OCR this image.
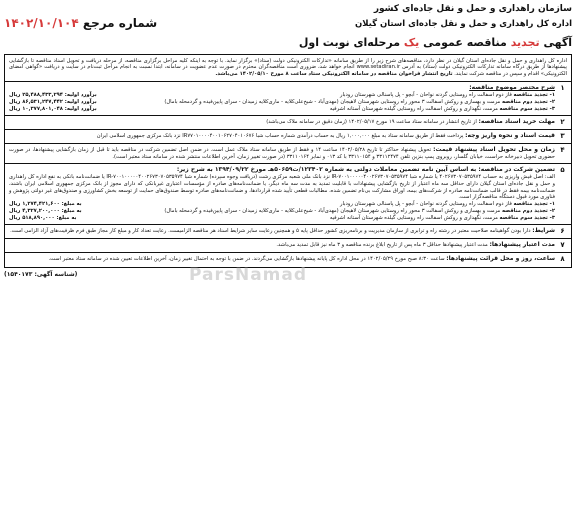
سازمان راهداری و حمل و نقل جاده‌ای کشور
اداره کل راهداری و حمل و نقل جاده‌ای استان گیلان
شماره مرجع ۱۴۰۲/۱۰/۱۰۴
آگهی

تجدید

مناقصه عمومی

یک

مرحله‌ای نوبت اول
اداره کل راهداری و حمل و نقل جاده‌ای استان گیلان در نظر دارد، مناقصه‌های شرح زیر را از طریق سامانه «تدارکات الکترونیکی دولت (ستاد)» برگزار نماید. با توجه به اینکه کلیه مراحل برگزاری مناقصه، از مرحله دریافت و تحویل اسناد مناقصه تا بازگشایی پیشنهادها از طریق درگاه سامانه تدارکات الکترونیکی دولت (ستاد) به آدرس www.setadiran.ir انجام خواهد شد، ضروری است مناقصه‌گران محترم در صورت عدم عضویت در سامانه، ابتدا نسبت به انجام مراحل ثبت‌نام در سایت و دریافت «گواهی امضای الکترونیکی» اقدام و سپس در مناقصه شرکت نمایند. تاریخ انتشار فراخوان مناقصه در سامانه الکترونیکی ستاد ساعت ۸ مورخ ۱۴۰۲/۰۵/۱۰ می‌باشد.
۱
شرح مختصر موضوع مناقصه:
۱- تجدید مناقصه فاز دوم اسفالت راه روستایی گردنه نواحان - آبچو - پل پاسنالی شهرستان رودبار
برآورد اولیه: ۲۵,۴۸۸,۴۳۳,۲۹۴ ریال
۲- تجدید دوم مناقصه مرمت و بهسازی و روکش اسفالت ۳ محور راه روستایی شهرستان لاهیجان (مهدی‌آباد - شیخ‌علی‌کلایه - ماری‌کلایه زمیدان - سرای پایین‌فیده و گردمحله بامال)
برآورد اولیه: ۸۶,۵۳۱,۲۴۷,۴۴۲ ریال
۳- تجدید سوم مناقصه مرمت، نگهداری و روکش اسفالت راه روستایی گیلده شهرستان آستانه اشرفیه
برآورد اولیه: ۱۰,۳۷۷,۸۰۱,۰۴۸ ریال
۲
مهلت خرید اسناد مناقصه: از تاریخ انتشار در سامانه ستاد ساعت ۱۹ مورخ ۱۴۰۲/۰۵/۱۷ (زمان دقیق در سامانه ملاک می‌باشد)
۳
قیمت اسناد و نحوه واریز وجه: پرداخت فقط از طریق سامانه ستاد به مبلغ ۱,۰۰۰,۰۰۰ ریال به حساب درآمدی شماره حساب شبا IR۷۷۰۱۰۰۰۰۴۰۰۱۰۶۲۷۰۴۰۱۰۶۷۶ نزد بانک مرکزی جمهوری اسلامی ایران
۴
زمان و محل تحویل اسناد پیشنهاد قیمت: تحویل پیشنهاد حداکثر تا تاریخ ۱۴۰۲/۰۵/۲۸ ساعت ۱۴ و فقط از طریق سامانه ستاد ملاک عمل است. در ضمن اصل تضمین شرکت در مناقصه باید تا قبل از زمان بازگشایی پیشنهادها، در صورت حضوری تحویل دبیرخانه حراست، خیابان گلسار، روبروی پمپ بنزین تلفن ۳۳۱۱۲۴۷۴ و ۳۳۱۱۰۱۵۴ با کد ۰۱۳ و نمابر ۳۳۱۱۰۱۶۴ (در صورت تغییر زمان، آخرین اطلاعات منتشر شده در سامانه ستاد معتبر است).
۵
تضمین شرکت در مناقصه: به اساس آیین نامه تضمین معاملات دولتی به شماره ۱۲۳۴۰۲/ت۵۰۶۵۹هـ مورخ ۱۳۹۴/۰۹/۲۲ به شرح زیر:
الف: اصل فیش واریزی به حساب ۴۰۲۶۷۳۰۷۰۵۳۵۹۷۴ یا شماره شبا IR-۷۰۰۱۰۰۰۰۰۴۰۰۲۶۷۳۰۷۰۵۳۵۹۷۴ نزد بانک ملی شعبه مرکزی رشت (دریافت وجوه سپرده) شماره شبا IR-۷۰۰۱۰۰۰۰۰۴۰۰۲۶۷۳۰۷۰۵۳۵۹۷۴ یا ضمانت‌نامه بانکی به نفع اداره کل راهداری و حمل و نقل جاده‌ای استان گیلان دارای حداقل سه ماه اعتبار از تاریخ بازگشایی پیشنهادات با قابلیت تمدید به مدت سه ماه دیگر، یا ضمانت‌نامه‌های صادره از مؤسسات اعتباری غیربانکی که دارای مجوز از بانک مرکزی جمهوری اسلامی ایران باشند، ضمانت‌نامه بیمه فقط در قالب ضمانت‌نامه صادره از شرکت‌های بیمه، اوراق مشارکت بی‌نام تضمین شده، مطالبات قطعی تأیید شده قراردادها، و ضمانت‌نامه‌های صادره توسط صندوق‌های حمایت از توسعه بخش کشاورزی و صندوق‌های غیر دولتی پژوهش و فناوری مورد قبول دستگاه مناقصه‌گزار است.
۱- تجدید مناقصه فاز دوم اسفالت راه روستایی گردنه نواحان - آبچو - پل پاسنالی شهرستان رودبار
به مبلغ: ۱,۲۷۴,۴۲۱,۶۰۰ ریال
۲- تجدید دوم مناقصه مرمت و بهسازی و روکش اسفالت ۳ محور راه روستایی شهرستان لاهیجان (مهدی‌آباد - شیخ‌علی‌کلایه - ماری‌کلایه زمیدان - سرای پایین‌فیده و گردمحله بامال)
به مبلغ: ۴,۳۲۷,۲۰۰,۰۰۰ ریال
۳- تجدید سوم مناقصه مرمت، نگهداری و روکش اسفالت راه روستایی گیلده شهرستان آستانه اشرفیه
به مبلغ: ۵۱۸,۸۹۰,۰۰۰ ریال
۶
شرایط: دارا بودن گواهینامه صلاحیت معتبر در رشته راه و ترابری از سازمان مدیریت و برنامه‌ریزی کشور حداقل پایه ۵ و همچنین رعایت سایر شرایط اسناد هر مناقصه الزامیست. رعایت تعداد کار و مبلغ کار مجاز طبق فرم ظرفیت‌های آزاد الزامی است.
۷
مدت اعتبار پیشنهادها: مدت اعتبار پیشنهادها حداقل ۳ ماه پس از تاریخ ابلاغ برنده مناقصه و ۳ ماه نیز قابل تمدید می‌باشد.
۸
ساعت، روز و محل قرائت پیشنهادها: ساعت ۸:۳۰ صبح مورخ ۱۴۰۲/۰۵/۲۹ در محل اداره کل پایانه پیشنهادها بازگشایی می‌گردند. در ضمن با توجه به احتمال تغییر زمان، آخرین اطلاعات تعیین شده در سامانه ستاد معتبر است.
(شناسه آگهی: ۱۵۴۰۱۷۳)	ParsNamad
